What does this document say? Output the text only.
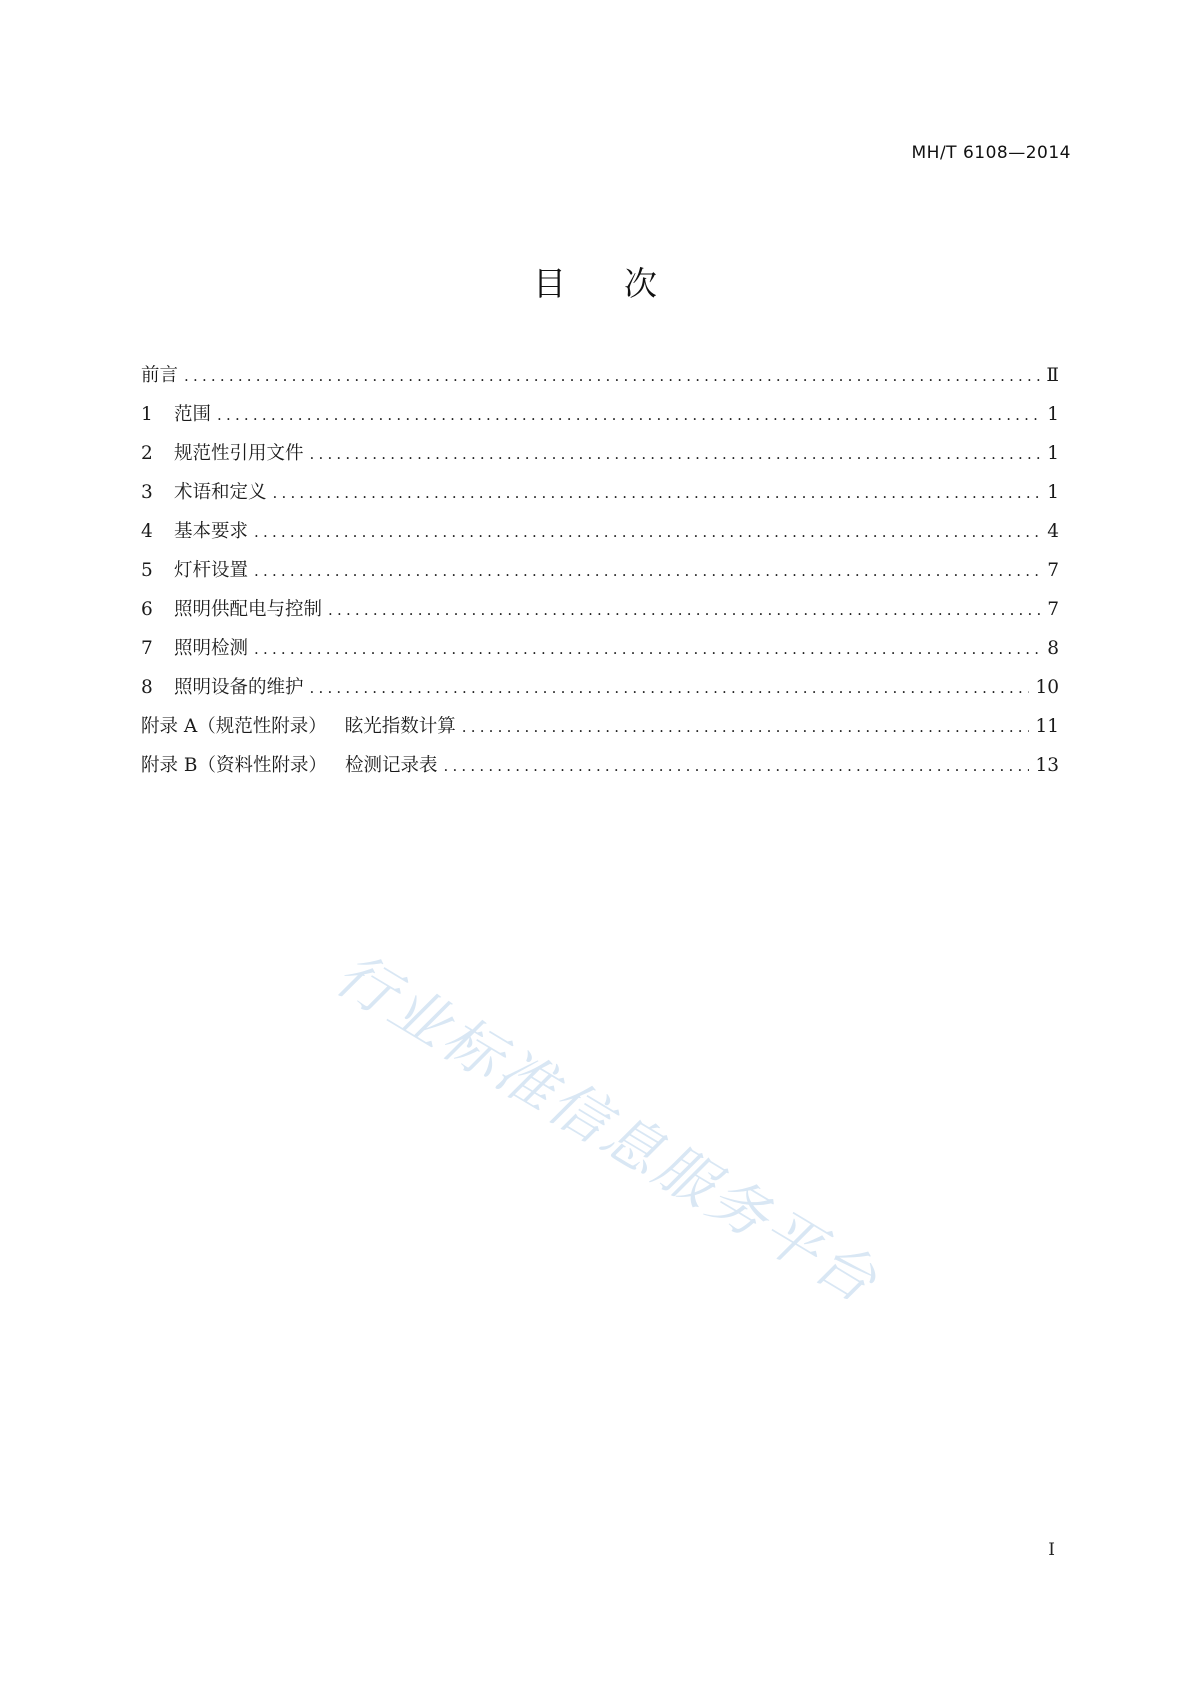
MH/T 6108—2014
目次
前言 .....	Ⅱ
1	范围 .....	1
2	规范性引用文件 .....	1
3	术语和定义 .....	1
4	基本要求 .....	4
5	灯杆设置 .....	7
6	照明供配电与控制 .....	7
7	照明检测 .....	8
8	照明设备的维护 .....	10
附录 A（规范性附录） 眩光指数计算 .....	11
附录 B（资料性附录） 检测记录表 .....	13
行业标准信息服务平台
I
